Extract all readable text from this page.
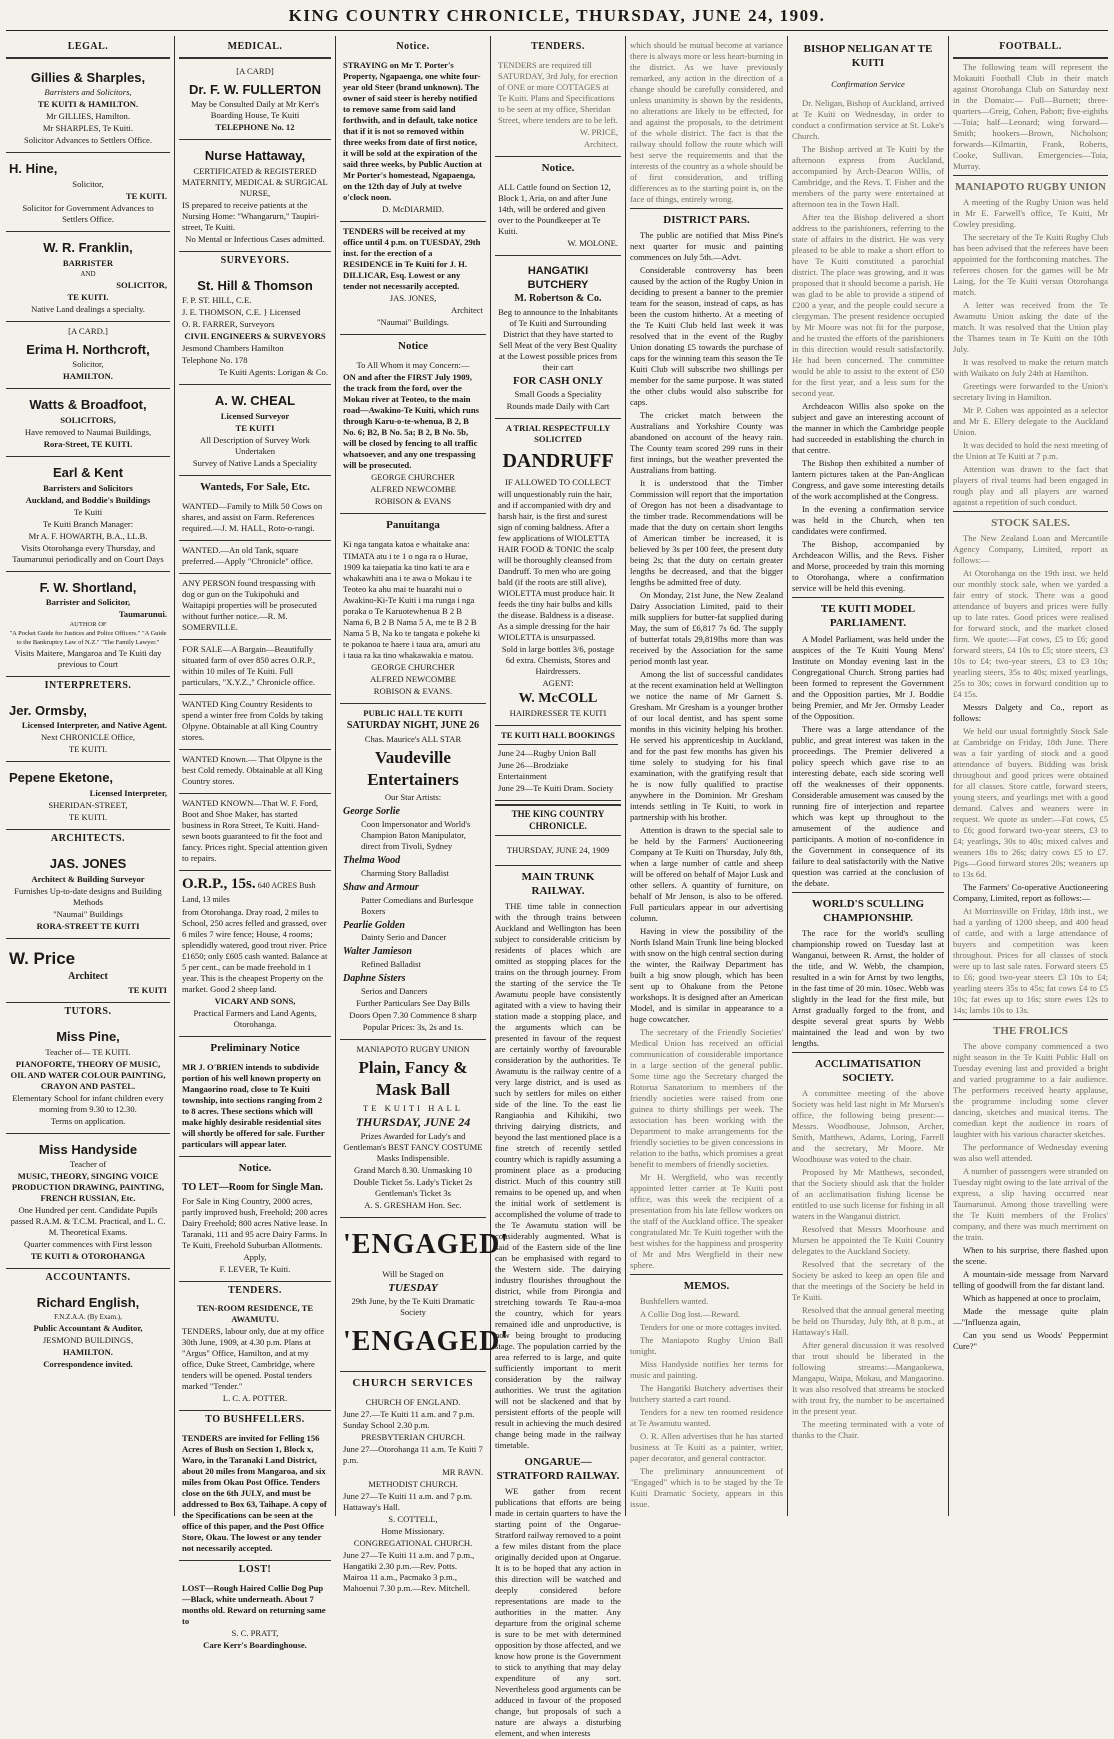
KING COUNTRY CHRONICLE, THURSDAY, JUNE 24, 1909.
LEGAL.
Gillies & Sharples,

Barristers and Solicitors,

TE KUITI & HAMILTON.

Mr GILLIES, Hamilton.

Mr SHARPLES, Te Kuiti.

Solicitor Advances to Settlers Office.

H. Hine,

Solicitor,

TE KUITI.

Solicitor for Government Advances to Settlers Office.

W. R. Franklin,

BARRISTER

AND

SOLICITOR,

TE KUITI.

Native Land dealings a specialty.

[A CARD.]

Erima H. Northcroft,

Solicitor,

HAMILTON.

Watts & Broadfoot,

SOLICITORS,

Have removed to Naumai Buildings,

Rora-Street, TE KUITI.

Earl & Kent

Barristers and Solicitors

Auckland, and Boddie's Buildings

Te Kuiti

Te Kuiti Branch Manager:

Mr A. F. HOWARTH, B.A., LL.B.

Visits Otorohanga every Thursday, and Taumarunui periodically and on Court Days

F. W. Shortland,

Barrister and Solicitor,

Taumarunui.

AUTHOR OF

"A Pocket Guide for Justices and Police Officers." "A Guide to the Bankruptcy Law of N.Z." "The Family Lawyer."

Visits Maitere, Mangaroa and Te Kuiti day previous to Court

INTERPRETERS.
Jer. Ormsby,

Licensed Interpreter, and Native Agent.

Next CHRONICLE Office,

TE KUITI.

Pepene Eketone,

Licensed Interpreter,

SHERIDAN-STREET,

TE KUITI.

ARCHITECTS.
JAS. JONES

Architect & Building Surveyor

Furnishes Up-to-date designs and Building Methods

"Naumai" Buildings

RORA-STREET TE KUITI

W. Price

Architect

TE KUITI

TUTORS.
Miss Pine,

Teacher of— TE KUITI.

PIANOFORTE, THEORY OF MUSIC, OIL AND WATER COLOUR PAINTING, CRAYON AND PASTEL.

Elementary School for infant children every morning from 9.30 to 12.30.

Terms on application.

Miss Handyside

Teacher of

MUSIC, THEORY, SINGING VOICE PRODUCTION DRAWING, PAINTING, FRENCH RUSSIAN, Etc.

One Hundred per cent. Candidate Pupils passed R.A.M. & T.C.M. Practical, and L. C. M. Theoretical Exams.

Quarter commences with First lesson

TE KUITI & OTOROHANGA

ACCOUNTANTS.
Richard English,

F.N.Z.A.A. (By Exam.),

Public Accountant & Auditor,

JESMOND BUILDINGS,

HAMILTON.

Correspondence invited.

MEDICAL.

[A CARD]

Dr. F. W. FULLERTON

May be Consulted Daily at Mr Kerr's Boarding House, Te Kuiti

TELEPHONE No. 12

Nurse Hattaway,

CERTIFICATED & REGISTERED MATERNITY, MEDICAL & SURGICAL NURSE,

IS prepared to receive patients at the Nursing Home: "Whangarurn," Taupiri-street, Te Kuiti.

No Mental or Infectious Cases admitted.

SURVEYORS.
St. Hill & Thomson

F. P. ST. HILL, C.E.

J. E. THOMSON, C.E. } Licensed

O. R. FARRER, Surveyors

CIVIL ENGINEERS & SURVEYORS

Jesmond Chambers Hamilton

Telephone No. 178

Te Kuiti Agents: Lorigan & Co.

A. W. CHEAL

Licensed Surveyor

TE KUITI

All Description of Survey Work Undertaken

Survey of Native Lands a Speciality

Wanteds, For Sale, Etc.

WANTED—Family to Milk 50 Cows on shares, and assist on Farm. References required.—J. M. HALL, Roto-o-rangi.

WANTED.—An old Tank, square preferred.—Apply "Chronicle" office.

ANY PERSON found trespassing with dog or gun on the Tukipohuki and Waitapipi properties will be prosecuted without further notice.—R. M. SOMERVILLE.

FOR SALE—A Bargain—Beautifully situated farm of over 850 acres O.R.P., within 10 miles of Te Kuiti. Full particulars, "X.Y.Z.," Chronicle office.

WANTED King Country Residents to spend a winter free from Colds by taking Olpyne. Obtainable at all King Country stores.

WANTED Known.— That Olpyne is the best Cold remedy. Obtainable at all King Country stores.

WANTED KNOWN—That W. F. Ford, Boot and Shoe Maker, has started business in Rora Street, Te Kuiti. Hand-sewn boots guaranteed to fit the foot and fancy. Prices right. Special attention given to repairs.

O.R.P., 15s. 640 ACRES Bush Land, 13 miles

from Otorohanga. Dray road, 2 miles to School, 250 acres felled and grassed, over 6 miles 7 wire fence; House, 4 rooms; splendidly watered, good trout river. Price £1650; only £605 cash wanted. Balance at 5 per cent., can be made freehold in 1 year. This is the cheapest Property on the market. Good 2 sheep land.

VICARY AND SONS,

Practical Farmers and Land Agents, Otorohanga.

Preliminary Notice

MR J. O'BRIEN intends to subdivide portion of his well known property on Mangaorino road, close to Te Kuiti township, into sections ranging from 2 to 8 acres. These sections which will make highly desirable residential sites will shortly be offered for sale. Further particulars will appear later.

Notice.

TO LET—Room for Single Man.

For Sale in King Country, 2000 acres, partly improved bush, Freehold; 200 acres Dairy Freehold; 800 acres Native lease. In Taranaki, 111 and 95 acre Dairy Farms. In Te Kuiti, Freehold Suburban Allotments.

Apply,

F. LEVER, Te Kuiti.

TENDERS.

TEN-ROOM RESIDENCE, TE AWAMUTU.

TENDERS, labour only, due at my office 30th June, 1909, at 4.30 p.m. Plans at "Argus" Office, Hamilton, and at my office, Duke Street, Cambridge, where tenders will be opened. Postal tenders marked "Tender."

L. C. A. POTTER.

TO BUSHFELLERS.

TENDERS are invited for Felling 156 Acres of Bush on Section 1, Block x, Waro, in the Taranaki Land District, about 20 miles from Mangaroa, and six miles from Okau Post Office. Tenders close on the 6th JULY, and must be addressed to Box 63, Taihape. A copy of the Specifications can be seen at the office of this paper, and the Post Office Store, Okau. The lowest or any tender not necessarily accepted.

LOST!

LOST—Rough Haired Collie Dog Pup —Black, white underneath. About 7 months old. Reward on returning same to

S. C. PRATT,

Care Kerr's Boardinghouse.

Notice.

STRAYING on Mr T. Porter's Property, Ngapaenga, one white four-year old Steer (brand unknown). The owner of said steer is hereby notified to remove same from said land forthwith, and in default, take notice that if it is not so removed within three weeks from date of first notice, it will be sold at the expiration of the said three weeks, by Public Auction at Mr Porter's homestead, Ngapaenga, on the 12th day of July at twelve o'clock noon.

D. McDIARMID.

TENDERS will be received at my office until 4 p.m. on TUESDAY, 29th inst. for the erection of a RESIDENCE in Te Kuiti for J. H. DILLICAR, Esq. Lowest or any tender not necessarily accepted.

JAS. JONES,

Architect

"Naumai" Buildings.

Notice

To All Whom it may Concern:—

ON and after the FIRST July 1909, the track from the ford, over the Mokau river at Teoteo, to the main road—Awakino-Te Kuiti, which runs through Karu-o-te-whenua, B 2, B No. 6; B2, B No. 5a; B 2, B No. 5b, will be closed by fencing to all traffic whatsoever, and any one trespassing will be prosecuted.

GEORGE CHURCHER

ALFRED NEWCOMBE

ROBISON & EVANS

Panuitanga

Ki nga tangata katoa e whaitake ana:

TIMATA atu i te 1 o nga ra o Hurae, 1909 ka taiepatia ka tino kati te ara e whakawhiti ana i te awa o Mokau i te Teoteo ka ahu mai te huarahi nui o Awakino-Ki-Te Kuiti i ma runga i nga poraka o Te Karuotewhenua B 2 B Nama 6, B 2 B Nama 5 A, me te B 2 B Nama 5 B, Na ko te tangata e pokehe ki te pokanoa te haere i taua ara, amuri atu i taua ra ka tino whakawakia e matou.

GEORGE CHURCHER

ALFRED NEWCOMBE

ROBISON & EVANS.

PUBLIC HALL TE KUITI

SATURDAY NIGHT, JUNE 26

Chas. Maurice's ALL STAR

Vaudeville Entertainers

Our Star Artists:

George Sorlie
Coon Impersonator and World's Champion Baton Manipulator, direct from Tivoli, Sydney
Thelma Wood
Charming Story Balladist
Shaw and Armour
Patter Comedians and Burlesque Boxers
Pearlie Golden
Dainty Serio and Dancer
Walter Jamieson
Refined Balladist
Daphne Sisters
Serios and Dancers

Further Particulars See Day Bills

Doors Open 7.30 Commence 8 sharp

Popular Prices: 3s, 2s and 1s.

MANIAPOTO RUGBY UNION

Plain, Fancy & Mask Ball

TE KUITI HALL

THURSDAY, JUNE 24

Prizes Awarded for Lady's and Gentleman's BEST FANCY COSTUME Masks Indispensible.

Grand March 8.30. Unmasking 10

Double Ticket 5s. Lady's Ticket 2s Gentleman's Ticket 3s

A. S. GRESHAM Hon. Sec.

'ENGAGED'

Will be Staged on

TUESDAY

29th June, by the Te Kuiti Dramatic Society

'ENGAGED'
CHURCH SERVICES

CHURCH OF ENGLAND.

June 27.—Te Kuiti 11 a.m. and 7 p.m. Sunday School 2.30 p.m.

PRESBYTERIAN CHURCH.

June 27—Otorohanga 11 a.m. Te Kuiti 7 p.m.

MR RAVN.

METHODIST CHURCH.

June 27—Te Kuiti 11 a.m. and 7 p.m. Hattaway's Hall.

S. COTTELL,

Home Missionary.

CONGREGATIONAL CHURCH.

June 27—Te Kuiti 11 a.m. and 7 p.m., Hangatiki 2.30 p.m.—Rev. Potts. Mairoa 11 a.m., Pacmako 3 p.m., Mahoenui 7.30 p.m.—Rev. Mitchell.

TENDERS.

TENDERS are required till SATURDAY, 3rd July, for erection of ONE or more COTTAGES at Te Kuiti. Plans and Specifications to be seen at my office, Sheridan Street, where tenders are to be left.

W. PRICE,

Architect.

Notice.

ALL Cattle found on Section 12, Block 1, Aria, on and after June 14th, will be ordered and given over to the Poundkeeper at Te Kuiti.

W. MOLONE.

HANGATIKI BUTCHERY

M. Robertson & Co.

Beg to announce to the Inhabitants of Te Kuiti and Surrounding District that they have started to Sell Meat of the very Best Quality at the Lowest possible prices from their cart

FOR CASH ONLY

Small Goods a Speciality

Rounds made Daily with Cart

A TRIAL RESPECTFULLY SOLICITED

DANDRUFF

IF ALLOWED TO COLLECT

will unquestionably ruin the hair, and if accompanied with dry and harsh hair, is the first and surest sign of coming baldness. After a few applications of WIOLETTA HAIR FOOD & TONIC the scalp will be thoroughly cleansed from Dandruff. To men who are going bald (if the roots are still alive), WIOLETTA must produce hair. It feeds the tiny hair bulbs and kills the disease. Baldness is a disease. As a simple dressing for the hair WIOLETTA is unsurpassed.

Sold in large bottles 3/6, postage 6d extra. Chemists, Stores and Hairdressers.

AGENT:

W. McCOLL

HAIRDRESSER TE KUITI

TE KUITI HALL BOOKINGS

June 24—Rugby Union Ball

June 26—Brodziake Entertainment

June 29—Te Kuiti Dram. Society

THE KING COUNTRY CHRONICLE.

THURSDAY, JUNE 24, 1909

MAIN TRUNK RAILWAY.

THE time table in connection with the through trains between Auckland and Wellington has been subject to considerable criticism by residents of places which are omitted as stopping places for the trains on the through journey. From the starting of the service the Te Awamutu people have consistently agitated with a view to having their station made a stopping place, and the arguments which can be presented in favour of the request are certainly worthy of favourable consideration by the authorities. Te Awamutu is the railway centre of a very large district, and is used as such by settlers for miles on either side of the line. To the east lie Rangiaohia and Kihikihi, two thriving dairying districts, and beyond the last mentioned place is a fine stretch of recently settled country which is rapidly assuming a prominent place as a producing district. Much of this country still remains to be opened up, and when the initial work of settlement is accomplished the volume of trade to the Te Awamutu station will be considerably augmented. What is said of the Eastern side of the line can be emphasised with regard to the Western side. The dairying industry flourishes throughout the district, while from Pirongia and stretching towards Te Rau-a-moa the country, which for years remained idle and unproductive, is now being brought to producing stage. The population carried by the area referred to is large, and quite sufficiently important to merit consideration by the railway authorities. We trust the agitation will not be slackened and that by persistent efforts of the people will result in achieving the much desired change being made in the railway timetable.

ONGARUE—STRATFORD RAILWAY.

WE gather from recent publications that efforts are being made in certain quarters to have the starting point of the Ongarue-Stratford railway removed to a point a few miles distant from the place originally decided upon at Ongarue. It is to be hoped that any action in this direction will be watched and deeply considered before representations are made to the authorities in the matter. Any departure from the original scheme is sure to be met with determined opposition by those affected, and we know how prone is the Government to stick to anything that may delay expenditure of any sort. Nevertheless good arguments can be adduced in favour of the proposed change, but proposals of such a nature are always a disturbing element, and when interests

which should be mutual become at variance there is always more or less heart-burning in the district. As we have previously remarked, any action in the direction of a change should be carefully considered, and unless unanimity is shown by the residents, no alterations are likely to be effected, for and against the proposals, to the detriment of the whole district. The fact is that the railway should follow the route which will best serve the requirements and that the interests of the country as a whole should be of first consideration, and trifling differences as to the starting point is, on the face of things, entirely wrong.

DISTRICT PARS.

The public are notified that Miss Pine's next quarter for music and painting commences on July 5th.—Advt.

Considerable controversy has been caused by the action of the Rugby Union in deciding to present a banner to the premier team for the season, instead of caps, as has been the custom hitherto. At a meeting of the Te Kuiti Club held last week it was resolved that in the event of the Rugby Union donating £5 towards the purchase of caps for the winning team this season the Te Kuiti Club will subscribe two shillings per member for the same purpose. It was stated the other clubs would also subscribe for caps.

The cricket match between the Australians and Yorkshire County was abandoned on account of the heavy rain. The County team scored 299 runs in their first innings, but the weather prevented the Australians from batting.

It is understood that the Timber Commission will report that the importation of Oregon has not been a disadvantage to the timber trade. Recommendations will be made that the duty on certain short lengths of American timber be increased, it is believed by 3s per 100 feet, the present duty being 2s; that the duty on certain greater lengths be decreased, and that the bigger lengths be admitted free of duty.

On Monday, 21st June, the New Zealand Dairy Association Limited, paid to their milk suppliers for butter-fat supplied during May, the sum of £6,817 7s 6d. The supply of butterfat totals 29,819lbs more than was received by the Association for the same period month last year.

Among the list of successful candidates at the recent examination held at Wellington we notice the name of Mr Garnett S. Gresham. Mr Gresham is a younger brother of our local dentist, and has spent some months in this vicinity helping his brother. He served his apprenticeship in Auckland, and for the past few months has given his time solely to studying for his final examination, with the gratifying result that he is now fully qualified to practise anywhere in the Dominion. Mr Gresham intends settling in Te Kuiti, to work in partnership with his brother.

Attention is drawn to the special sale to be held by the Farmers' Auctioneering Company at Te Kuiti on Thursday, July 8th, when a large number of cattle and sheep will be offered on behalf of Major Lusk and other sellers. A quantity of furniture, on behalf of Mr Jenson, is also to be offered. Full particulars appear in our advertising column.

Having in view the possibility of the North Island Main Trunk line being blocked with snow on the high central section during the winter, the Railway Department has built a big snow plough, which has been sent up to Ohakune from the Petone workshops. It is designed after an American Model, and is similar in appearance to a huge cowcatcher.

The secretary of the Friendly Societies' Medical Union has received an official communication of considerable importance in a large section of the general public. Some time ago the Secretary charged the Rotorua Sanatorium to members of the friendly societies were raised from one guinea to thirty shillings per week. The association has been working with the Department to make arrangements for the friendly societies to be given concessions in relation to the baths, which promises a great benefit to members of friendly societies.

Mr H. Wergfield, who was recently appointed letter carrier at Te Kuiti post office, was this week the recipient of a presentation from his late fellow workers on the staff of the Auckland office. The speaker congratulated Mr. Te Kuiti together with the best wishes for the happiness and prosperity of Mr and Mrs Wergfield in their new sphere.

MEMOS.

Bushfellers wanted.

A Collie Dog lost.—Reward.

Tenders for one or more cottages invited.

The Maniapoto Rugby Union Ball tonight.

Miss Handyside notifies her terms for music and painting.

The Hangatiki Butchery advertises their butchery started a cart round.

Tenders for a new ten roomed residence at Te Awamutu wanted.

O. R. Allen advertises that he has started business at Te Kuiti as a painter, writer, paper decorator, and general contractor.

The preliminary announcement of "Engaged" which is to be staged by the Te Kuiti Dramatic Society, appears in this issue.

BISHOP NELIGAN AT TE KUITI

Confirmation Service

Dr. Neligan, Bishop of Auckland, arrived at Te Kuiti on Wednesday, in order to conduct a confirmation service at St. Luke's Church.

The Bishop arrived at Te Kuiti by the afternoon express from Auckland, accompanied by Arch-Deacon Willis, of Cambridge, and the Revs. T. Fisher and the members of the party were entertained at afternoon tea in the Town Hall.

After tea the Bishop delivered a short address to the parishioners, referring to the state of affairs in the district. He was very pleased to be able to make a short effort to have Te Kuiti constituted a parochial district. The place was growing, and it was proposed that it should become a parish. He was glad to be able to provide a stipend of £200 a year, and the people could secure a clergyman. The present residence occupied by Mr Moore was not fit for the purpose, and he trusted the efforts of the parishioners in this direction would result satisfactorily. He had been concerned. The committee would be able to assist to the extent of £50 for the first year, and a less sum for the second year.

Archdeacon Willis also spoke on the subject and gave an interesting account of the manner in which the Cambridge people had succeeded in establishing the church in that centre.

The Bishop then exhibited a number of lantern pictures taken at the Pan-Anglican Congress, and gave some interesting details of the work accomplished at the Congress.

In the evening a confirmation service was held in the Church, when ten candidates were confirmed.

The Bishop, accompanied by Archdeacon Willis, and the Revs. Fisher and Morse, proceeded by train this morning to Otorohanga, where a confirmation service will be held this evening.

TE KUITI MODEL PARLIAMENT.

A Model Parliament, was held under the auspices of the Te Kuiti Young Mens' Institute on Monday evening last in the Congregational Church. Strong parties had been formed to represent the Government and the Opposition parties, Mr J. Boddie being Premier, and Mr Jer. Ormsby Leader of the Opposition.

There was a large attendance of the public, and great interest was taken in the proceedings. The Premier delivered a policy speech which gave rise to an interesting debate, each side scoring well off the weaknesses of their opponents. Considerable amusement was caused by the running fire of interjection and repartee which was kept up throughout to the amusement of the audience and participants. A motion of no-confidence in the Government in consequence of its failure to deal satisfactorily with the Native question was carried at the conclusion of the debate.

WORLD'S SCULLING CHAMPIONSHIP.

The race for the world's sculling championship rowed on Tuesday last at Wanganui, between R. Arnst, the holder of the title, and W. Webb, the champion, resulted in a win for Arnst by two lengths, in the fast time of 20 min. 10sec. Webb was slightly in the lead for the first mile, but Arnst gradually forged to the front, and despite several great spurts by Webb maintained the lead and won by two lengths.

ACCLIMATISATION SOCIETY.

A committee meeting of the above Society was held last night in Mr Mursen's office, the following being present:—Messrs. Woodhouse, Johnson, Archer, Smith, Matthews, Adams, Loring, Farrell and the secretary, Mr Moore. Mr Woodhouse was voted to the chair.

Proposed by Mr Matthews, seconded, that the Society should ask that the holder of an acclimatisation fishing license be entitled to use such license for fishing in all waters in the Wanganui district.

Resolved that Messrs Moorhouse and Mursen be appointed the Te Kuiti Country delegates to the Auckland Society.

Resolved that the secretary of the Society be asked to keep an open file and that the meetings of the Society be held in Te Kuiti.

Resolved that the annual general meeting be held on Thursday, July 8th, at 8 p.m., at Hattaway's Hall.

After general discussion it was resolved that trout should be liberated in the following streams:—Mangaokewa, Mangapu, Waipa, Mokau, and Mangaorino. It was also resolved that streams be stocked with trout fry, the number to be ascertained in the present year.

The meeting terminated with a vote of thanks to the Chair.

FOOTBALL.

The following team will represent the Mokauiti Football Club in their match against Otorohanga Club on Saturday next in the Domain:— Full—Burnett; three-quarters—Greig, Cohen, Pabott; five-eighths—Toia; half—Leonard; wing forward—Smith; hookers—Brown, Nicholson; forwards—Kilmartin, Frank, Roberts, Cooke, Sullivan. Emergencies—Toia, Murray.

MANIAPOTO RUGBY UNION

A meeting of the Rugby Union was held in Mr E. Farwell's office, Te Kuiti, Mr Cowley presiding.

The secretary of the Te Kuiti Rugby Club has been advised that the referees have been appointed for the forthcoming matches. The referees chosen for the games will be Mr Laing, for the Te Kuiti versus Otorohanga match.

A letter was received from the Te Awamutu Union asking the date of the match. It was resolved that the Union play the Thames team in Te Kuiti on the 10th July.

It was resolved to make the return match with Waikato on July 24th at Hamilton.

Greetings were forwarded to the Union's secretary living in Hamilton.

Mr P. Cohen was appointed as a selector and Mr E. Ellery delegate to the Auckland Union.

It was decided to hold the next meeting of the Union at Te Kuiti at 7 p.m.

Attention was drawn to the fact that players of rival teams had been engaged in rough play and all players are warned against a repetition of such conduct.

STOCK SALES.

The New Zealand Loan and Mercantile Agency Company, Limited, report as follows:—

At Otorohanga on the 19th inst. we held our monthly stock sale, when we yarded a fair entry of stock. There was a good attendance of buyers and prices were fully up to late rates. Good prices were realised for forward stock, and the market closed firm. We quote:—Fat cows, £5 to £6; good forward steers, £4 10s to £5; store steers, £3 10s to £4; two-year steers, £3 to £3 10s; yearling steers, 35s to 40s; mixed yearlings, 25s to 30s; cows in forward condition up to £4 15s.

Messrs Dalgety and Co., report as follows:

We held our usual fortnightly Stock Sale at Cambridge on Friday, 18th June. There was a fair yarding of stock and a good attendance of buyers. Bidding was brisk throughout and good prices were obtained for all classes. Store cattle, forward steers, young steers, and yearlings met with a good demand. Calves and weaners were in request. We quote as under:—Fat cows, £5 to £6; good forward two-year steers, £3 to £4; yearlings, 30s to 40s; mixed calves and weaners 18s to 26s; dairy cows £5 to £7. Pigs—Good forward stores 20s; weaners up to 13s 6d.

The Farmers' Co-operative Auctioneering Company, Limited, report as follows:—

At Morrinsville on Friday, 18th inst., we had a yarding of 1200 sheep, and 400 head of cattle, and with a large attendance of buyers and competition was keen throughout. Prices for all classes of stock were up to last sale rates. Forward steers £5 to £6; good two-year steers £3 10s to £4; yearling steers 35s to 45s; fat cows £4 to £5 10s; fat ewes up to 16s; store ewes 12s to 14s; lambs 10s to 13s.

THE FROLICS

The above company commenced a two night season in the Te Kuiti Public Hall on Tuesday evening last and provided a bright and varied programme to a fair audience. The performers received hearty applause, the programme including some clever dancing, sketches and musical items. The comedian kept the audience in roars of laughter with his various character sketches.

The performance of Wednesday evening was also well attended.

A number of passengers were stranded on Tuesday night owing to the late arrival of the express, a slip having occurred near Taumarunui. Among those travelling were the Te Kuiti members of the Frolics' company, and there was much merriment on the train.

When to his surprise, there flashed upon the scene.

A mountain-side message from Narvard telling of goodwill from the far distant land.

Which as happened at once to proclaim,

Made the message quite plain—"Influenza again,

Can you send us Woods' Peppermint Cure?"
